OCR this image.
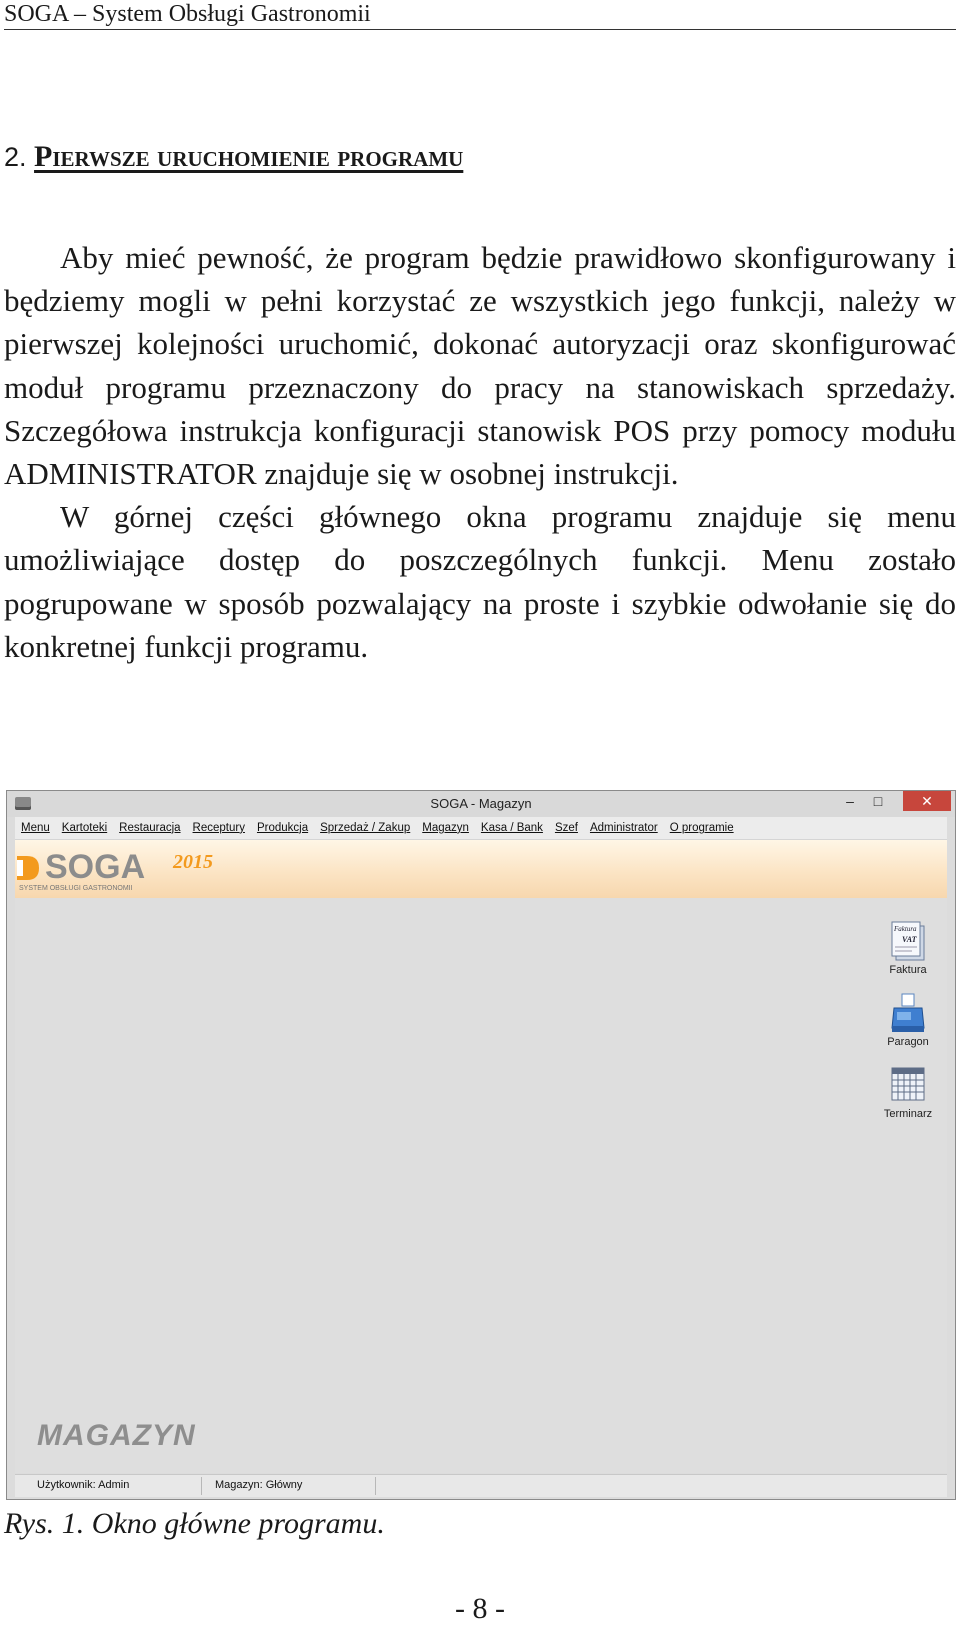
SOGA – System Obsługi Gastronomii
2. Pierwsze uruchomienie programu

Aby mieć pewność, że program będzie prawidłowo skonfigurowany i będziemy mogli w pełni korzystać ze wszystkich jego funkcji, należy w pierwszej kolejności uruchomić, dokonać autoryzacji oraz skonfigurować moduł programu przeznaczony do pracy na stanowiskach sprzedaży. Szczegółowa instrukcja konfiguracji stanowisk POS przy pomocy modułu ADMINISTRATOR znajduje się w osobnej instrukcji.

W górnej części głównego okna programu znajduje się menu umożliwiające dostęp do poszczególnych funkcji. Menu zostało pogrupowane w sposób pozwalający na proste i szybkie odwołanie się do konkretnej funkcji programu.

SOGA - Magazyn	‒	□	✕
Menu	Kartoteki	Restauracja	Receptury	Produkcja	Sprzedaż / Zakup	Magazyn	Kasa / Bank	Szef	Administrator	O programie
SOGA 2015
SYSTEM OBSŁUGI GASTRONOMII
Faktura
VAT
Faktura
Paragon
Terminarz
MAGAZYN
Użytkownik: Admin	Magazyn: Główny
Rys. 1. Okno główne programu.
- 8 -
